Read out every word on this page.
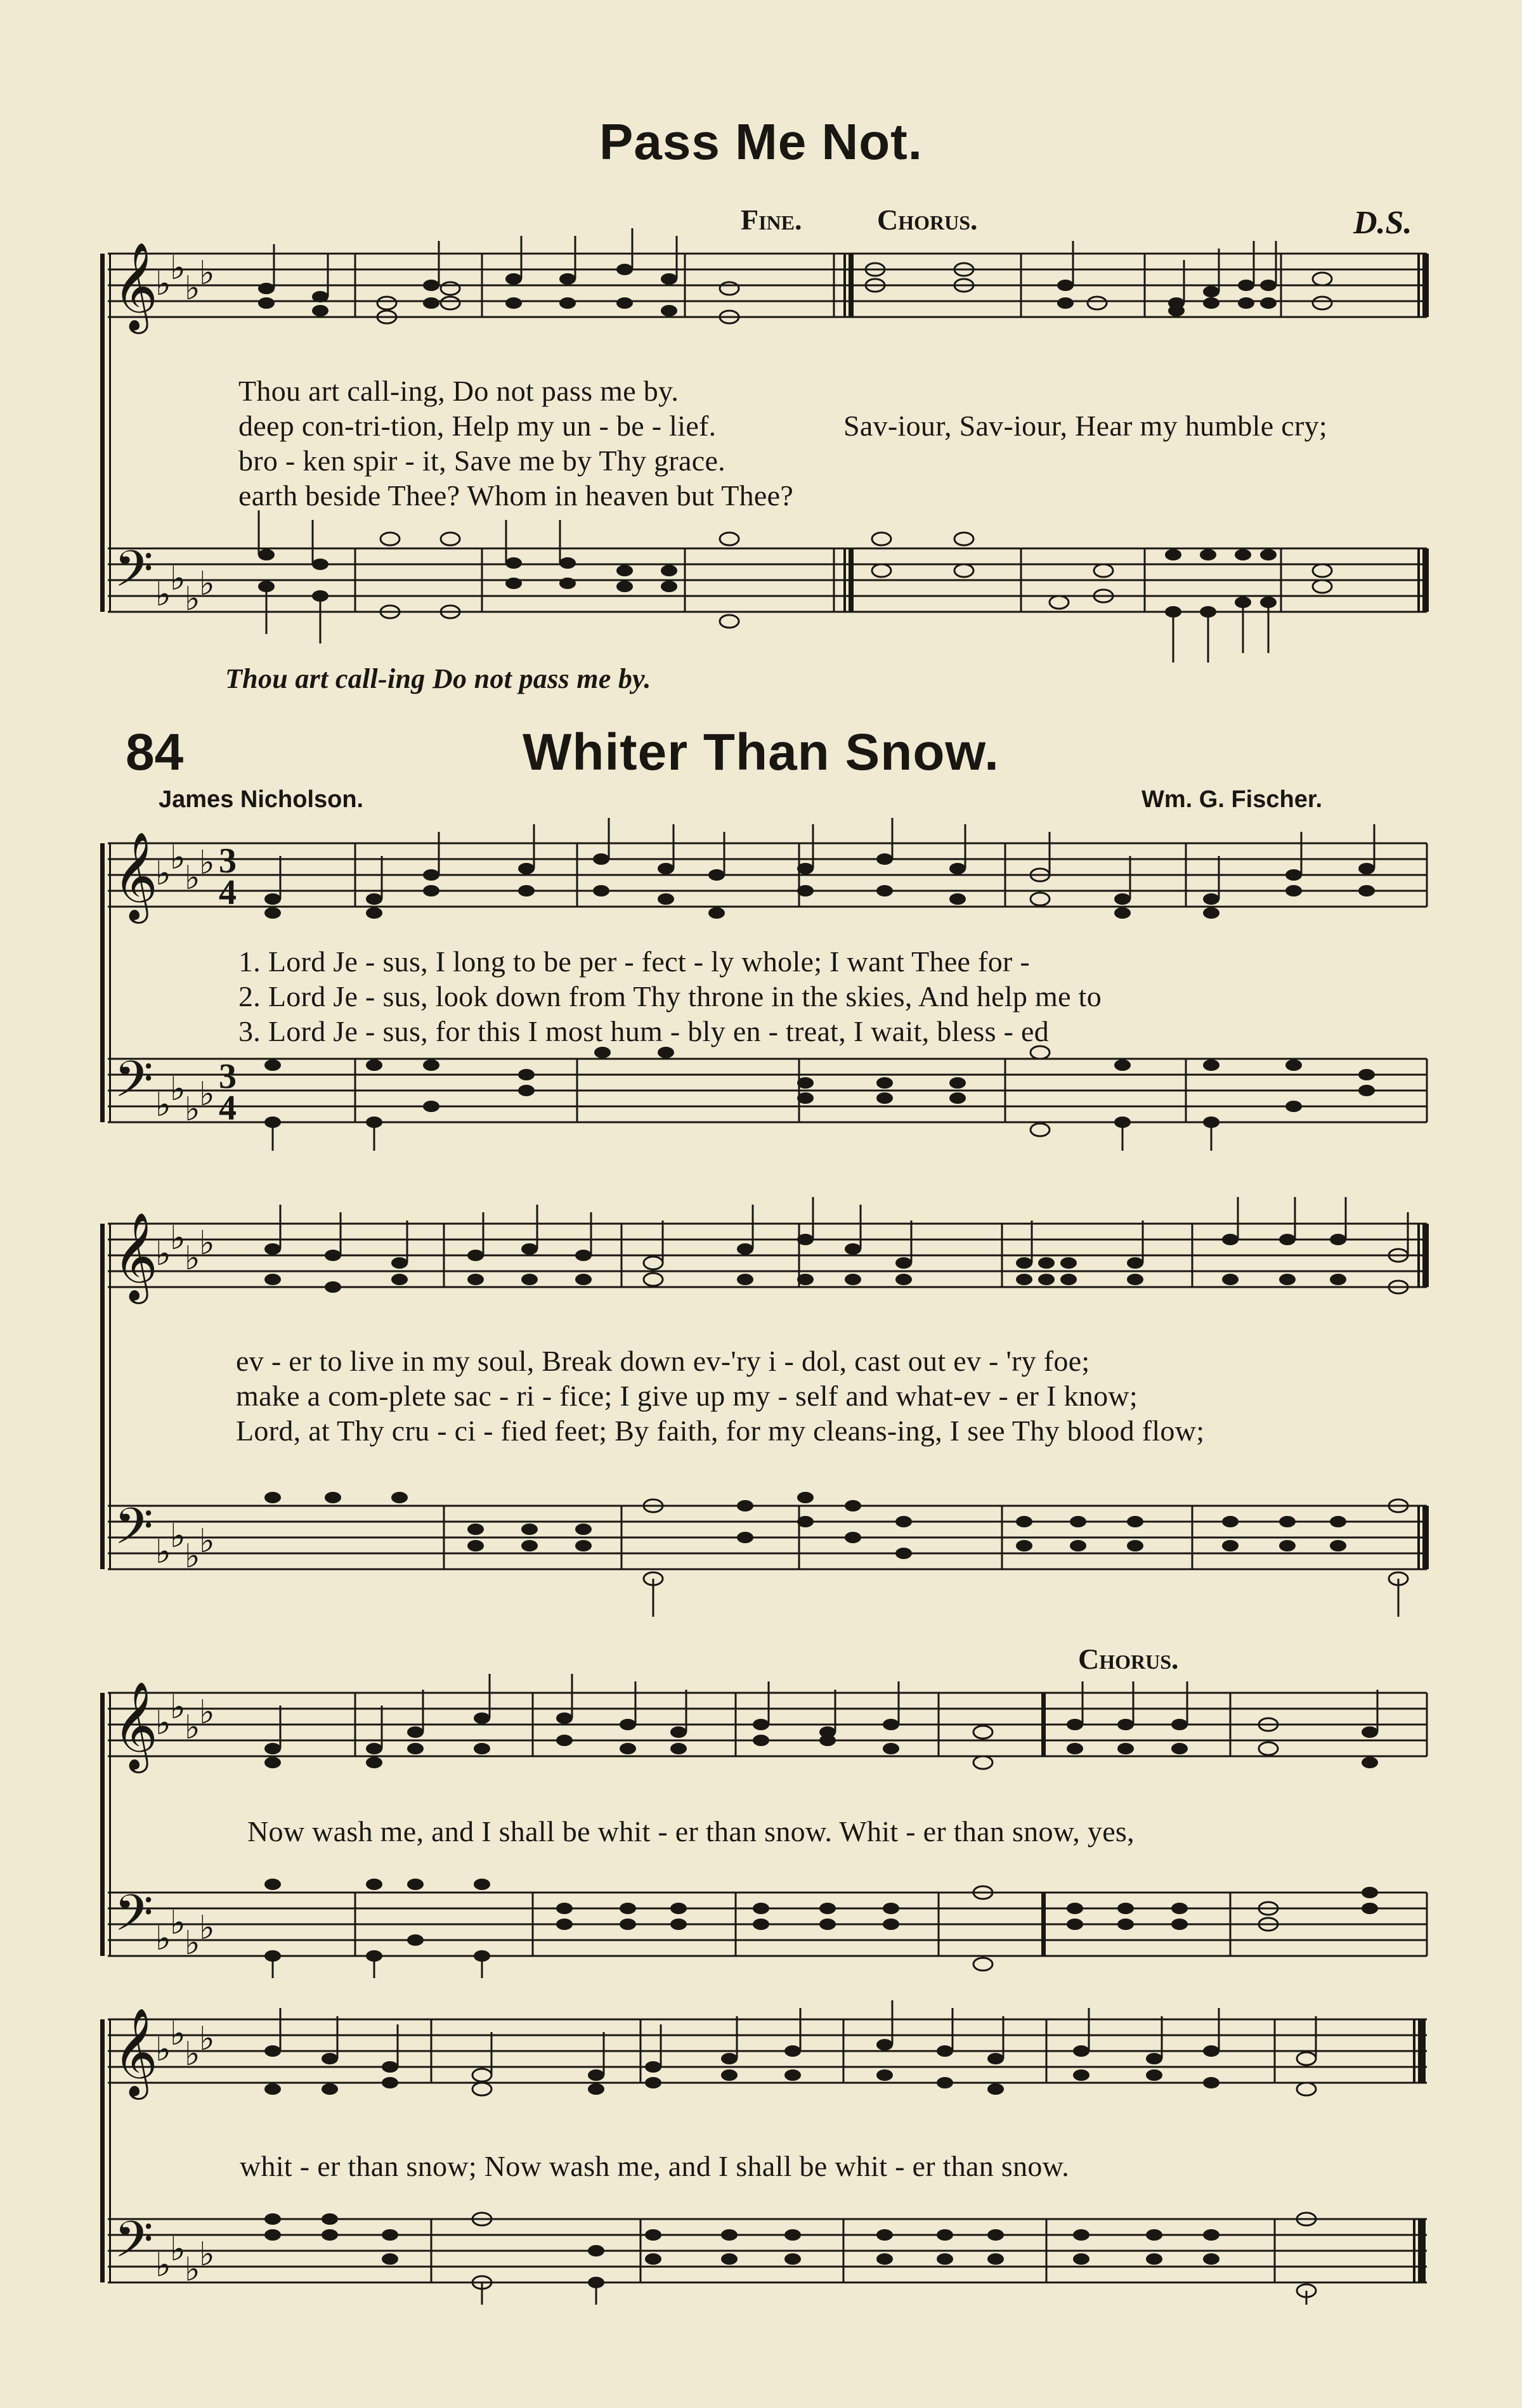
Pass Me Not.
Fine.	Chorus.	D.S.
𝄞
𝄢
♭
♭
♭
♭
♭
♭
♭
♭
Thou art call-ing, Do not pass me by.
deep con-tri-tion, Help my un - be - lief.	Sav-iour, Sav-iour, Hear my humble cry;
bro - ken spir - it, Save me by Thy grace.
earth beside Thee? Whom in heaven but Thee?
Thou art call-ing Do not pass me by.
84	Whiter Than Snow.
James Nicholson.	Wm. G. Fischer.
𝄞
𝄢
♭
♭
♭
♭
♭
♭
♭
♭
3
4
3
4
1. Lord Je - sus, I long to be per - fect - ly whole; I want Thee for -
2. Lord Je - sus, look down from Thy throne in the skies, And help me to
3. Lord Je - sus, for this I most hum - bly en - treat, I wait, bless - ed
𝄞
𝄢
♭
♭
♭
♭
♭
♭
♭
♭
ev - er to live in my soul, Break down ev-'ry i - dol, cast out ev - 'ry foe;
make a com-plete sac - ri - fice; I give up my - self and what-ev - er I know;
Lord, at Thy cru - ci - fied feet; By faith, for my cleans-ing, I see Thy blood flow;
Chorus.
𝄞
𝄢
♭
♭
♭
♭
♭
♭
♭
♭
Now wash me, and I shall be whit - er than snow. Whit - er than snow, yes,
𝄞
𝄢
♭
♭
♭
♭
♭
♭
♭
♭
whit - er than snow; Now wash me, and I shall be whit - er than snow.
